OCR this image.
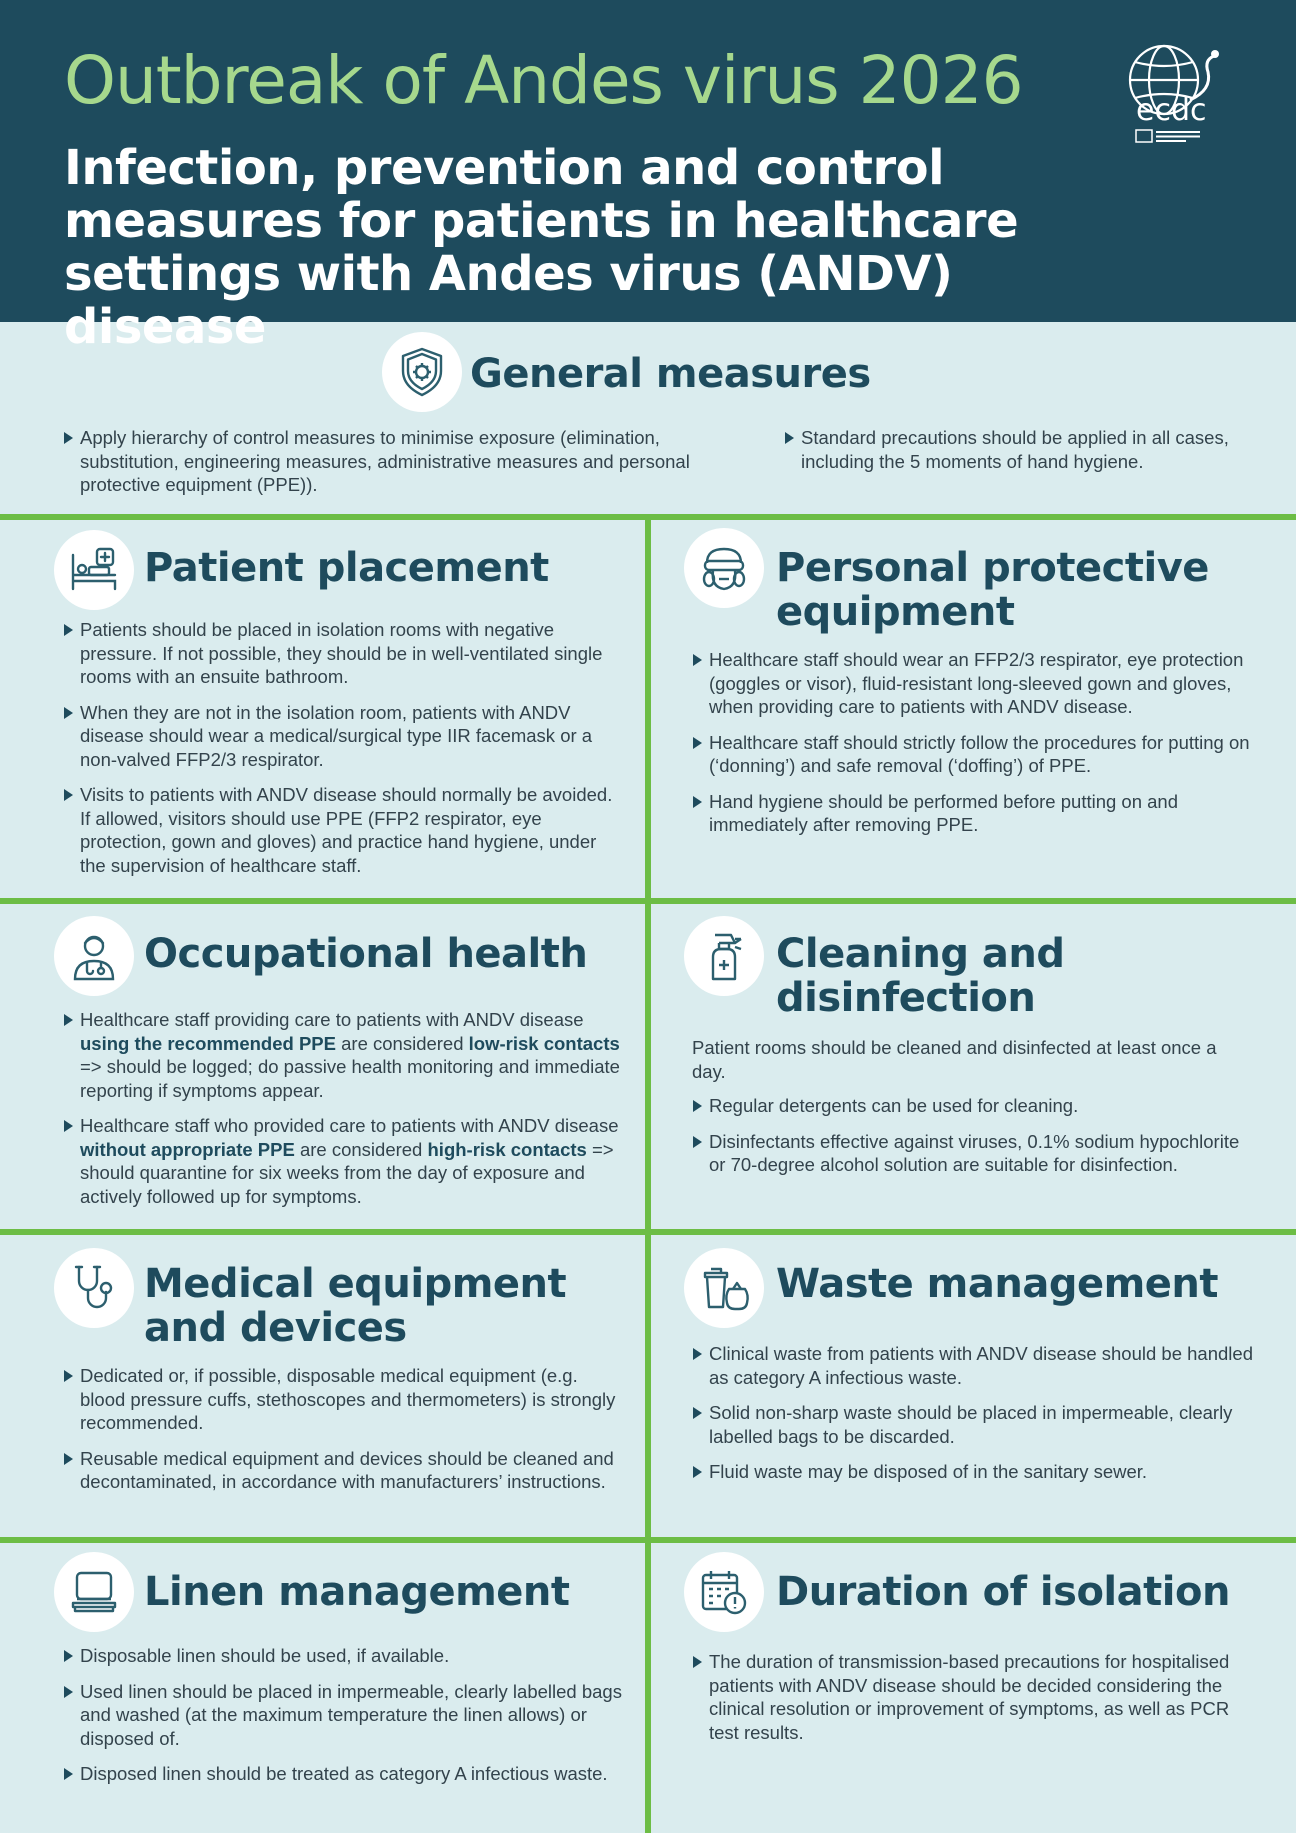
Outbreak of Andes virus 2026
Infection, prevention and control measures for patients in healthcare settings with Andes virus (ANDV) disease
ecdc
General measures
Apply hierarchy of control measures to minimise exposure (elimination, substitution, engineering measures, administrative measures and personal protective equipment (PPE)).
Standard precautions should be applied in all cases, including the 5 moments of hand hygiene.
Patient placement
Patients should be placed in isolation rooms with negative pressure. If not possible, they should be in well-ventilated single rooms with an ensuite bathroom.
When they are not in the isolation room, patients with ANDV disease should wear a medical/surgical type IIR facemask or a non-valved FFP2/3 respirator.
Visits to patients with ANDV disease should normally be avoided. If allowed, visitors should use PPE (FFP2 respirator, eye protection, gown and gloves) and practice hand hygiene, under the supervision of healthcare staff.
Personal protective
equipment
Healthcare staff should wear an FFP2/3 respirator, eye protection (goggles or visor), fluid-resistant long-sleeved gown and gloves, when providing care to patients with ANDV disease.
Healthcare staff should strictly follow the procedures for putting on (‘donning’) and safe removal (‘doffing’) of PPE.
Hand hygiene should be performed before putting on and immediately after removing PPE.
Occupational health
Healthcare staff providing care to patients with ANDV disease using the recommended PPE are considered low-risk contacts => should be logged; do passive health monitoring and immediate reporting if symptoms appear.
Healthcare staff who provided care to patients with ANDV disease without appropriate PPE are considered high-risk contacts => should quarantine for six weeks from the day of exposure and actively followed up for symptoms.
Cleaning and
disinfection
Patient rooms should be cleaned and disinfected at least once a day.
Regular detergents can be used for cleaning.
Disinfectants effective against viruses, 0.1% sodium hypochlorite or 70-degree alcohol solution are suitable for disinfection.
Medical equipment
and devices
Dedicated or, if possible, disposable medical equipment (e.g. blood pressure cuffs, stethoscopes and thermometers) is strongly recommended.
Reusable medical equipment and devices should be cleaned and decontaminated, in accordance with manufacturers’ instructions.
Waste management
Clinical waste from patients with ANDV disease should be handled as category A infectious waste.
Solid non-sharp waste should be placed in impermeable, clearly labelled bags to be discarded.
Fluid waste may be disposed of in the sanitary sewer.
Linen management
Disposable linen should be used, if available.
Used linen should be placed in impermeable, clearly labelled bags and washed (at the maximum temperature the linen allows) or disposed of.
Disposed linen should be treated as category A infectious waste.
Duration of isolation
The duration of transmission-based precautions for hospitalised patients with ANDV disease should be decided considering the clinical resolution or improvement of symptoms, as well as PCR test results.
